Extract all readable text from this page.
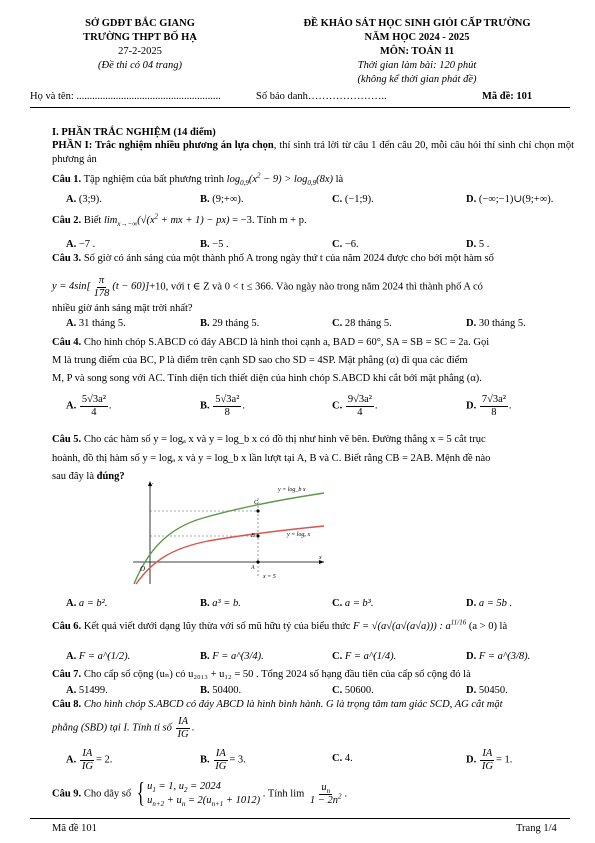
SỞ GDĐT BẮC GIANG
TRƯỜNG THPT BỐ HẠ
27-2-2025
(Đề thi có 04 trang)
ĐỀ KHẢO SÁT HỌC SINH GIỎI CẤP TRƯỜNG
NĂM HỌC 2024 - 2025
MÔN: TOÁN 11
Thời gian làm bài: 120 phút
(không kể thời gian phát đề)
Họ và tên: .......................................................	Số báo danh…………………..	Mã đề: 101
I. PHẦN TRẮC NGHIỆM (14 điểm)
PHẦN I: Trắc nghiệm nhiều phương án lựa chọn, thí sinh trả lời từ câu 1 đến câu 20, mỗi câu hỏi thí sinh chỉ chọn một phương án
Câu 1. Tập nghiệm của bất phương trình $\log_{0,9}(x^2 - 9) > \log_{0,9}(8x)$ là
A. (3;9).	B. (9;+∞).	C. (−1;9).	D. (−∞;−1)∪(9;+∞).
Câu 2. Biết $\lim_{x\to-\infty}(√(x^2$ + mx + 1) − px) = −3. Tính m + p.
A. −7 .	B. −5 .	C. −6.	D. 5 .
Câu 3. Số giờ có ánh sáng của một thành phố A trong ngày thứ t của năm 2024 được cho bởi một hàm số
$y = 4\sin[ \frac{\pi}{178} (t - 60)]+10$, với t ∈ Z và 0 < t ≤ 366. Vào ngày nào trong năm 2024 thì thành phố A có
nhiều giờ ánh sáng mặt trời nhất?
A. 31 tháng 5.	B. 29 tháng 5.	C. 28 tháng 5.	D. 30 tháng 5.
Câu 4. Cho hình chóp S.ABCD có đáy ABCD là hình thoi cạnh a, BAD = 60°, SA = SB = SC = 2a. Gọi
M là trung điểm của BC, P là điểm trên cạnh SD sao cho SD = 4SP. Mặt phẳng (α) đi qua các điểm
M, P và song song với AC. Tính diện tích thiết diện của hình chóp S.ABCD khi cắt bởi mặt phẳng (α).
A. $\frac{\text{5√3a²}}{4}$ .	B. $\frac{\text{5√3a²}}{8}$ .	C. $\frac{\text{9√3a²}}{4}$ .	D. $\frac{\text{7√3a²}}{8}$ .
Câu 5. Cho các hàm số y = logₐ x và y = log_b x có đồ thị như hình vẽ bên. Đường thẳng x = 5 cắt trục
hoành, đồ thị hàm số y = logₐ x và y = log_b x lần lượt tại A, B và C. Biết rằng CB = 2AB. Mệnh đề nào
sau đây là đúng?
y
x
O
C
B
A
y = log_b x
y = logₐ x
x = 5
A. a = b².	B. a³ = b.	C. a = b³.	D. a = 5b .
Câu 6. Kết quả viết dưới dạng lũy thừa với số mũ hữu tỷ của biểu thức F = √(a√(a√(a√a))) : $a^{11/16}$ (a > 0) là
A. F = a^(1/2).	B. F = a^(3/4).	C. F = a^(1/4).	D. F = a^(3/8).
Câu 7. Cho cấp số cộng (uₙ) có u₂₀₁₃ + u₁₂ = 50 . Tổng 2024 số hạng đầu tiên của cấp số cộng đó là
A. 51499.	B. 50400.	C. 50600.	D. 50450.
Câu 8. Cho hình chóp S.ABCD có đáy ABCD là hình bình hành. G là trọng tâm tam giác SCD, AG cắt mặt
phẳng (SBD) tại I. Tính tỉ số $\frac{IA}{IG}$ .
A. $\frac{IA}{IG} = 2$.	B. $\frac{IA}{IG} = 3$.	C. 4.	D. $\frac{IA}{IG} = 1$.
Câu 9. Cho dãy số { $u_1 = 1$, $u_2 = 2024$
$u_{n+2} + u_n = 2(u_{n+1} + 1012)$ . Tính $\lim \frac{u_n}{1 - 2n^2}$ .
Mã đề 101	Trang 1/4
